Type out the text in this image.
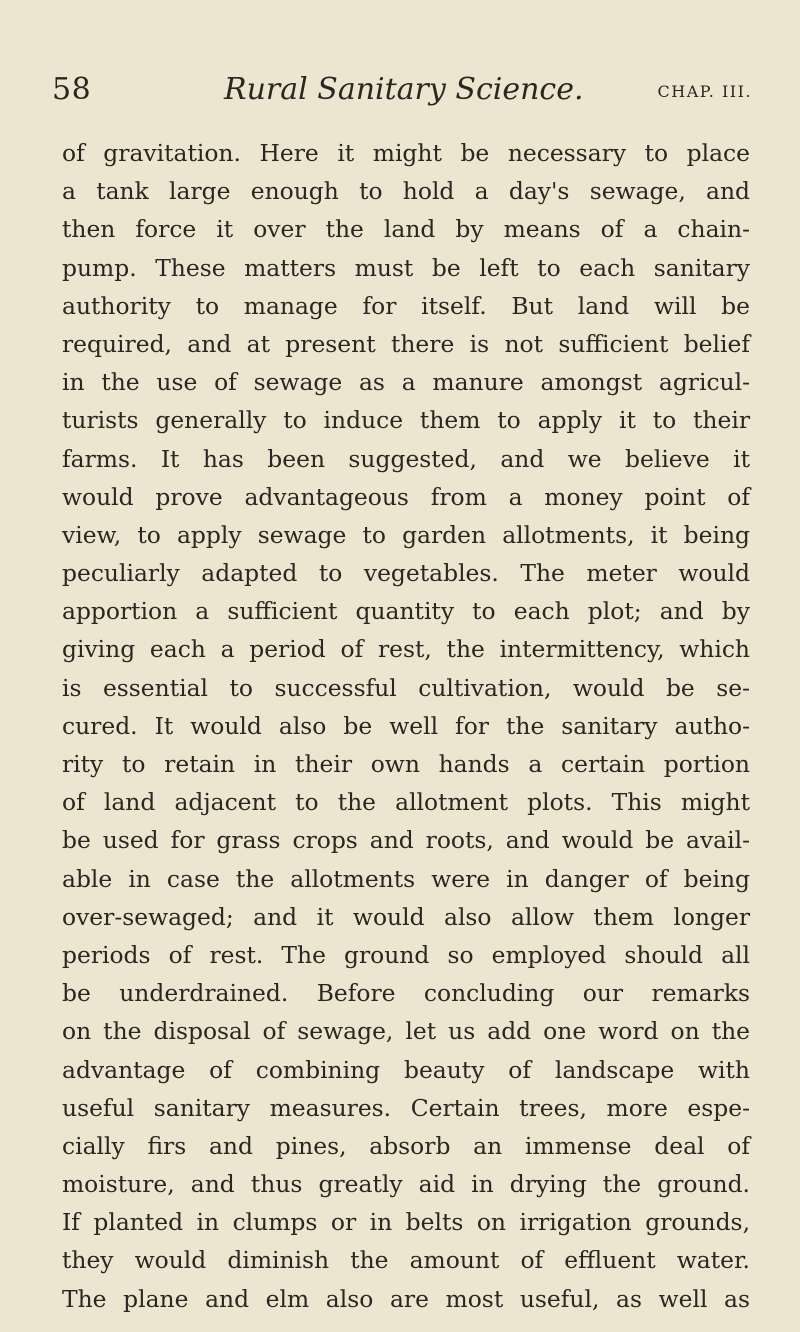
58	Rural Sanitary Science.	CHAP. III.
of gravitation. Here it might be necessary to place
a tank large enough to hold a day's sewage, and
then force it over the land by means of a chain-
pump. These matters must be left to each sanitary
authority to manage for itself. But land will be
required, and at present there is not sufficient belief
in the use of sewage as a manure amongst agricul-
turists generally to induce them to apply it to their
farms. It has been suggested, and we believe it
would prove advantageous from a money point of
view, to apply sewage to garden allotments, it being
peculiarly adapted to vegetables. The meter would
apportion a sufficient quantity to each plot; and by
giving each a period of rest, the intermittency, which
is essential to successful cultivation, would be se-
cured. It would also be well for the sanitary autho-
rity to retain in their own hands a certain portion
of land adjacent to the allotment plots. This might
be used for grass crops and roots, and would be avail-
able in case the allotments were in danger of being
over-sewaged; and it would also allow them longer
periods of rest. The ground so employed should all
be underdrained. Before concluding our remarks
on the disposal of sewage, let us add one word on the
advantage of combining beauty of landscape with
useful sanitary measures. Certain trees, more espe-
cially firs and pines, absorb an immense deal of
moisture, and thus greatly aid in drying the ground.
If planted in clumps or in belts on irrigation grounds,
they would diminish the amount of effluent water.
The plane and elm also are most useful, as well as
